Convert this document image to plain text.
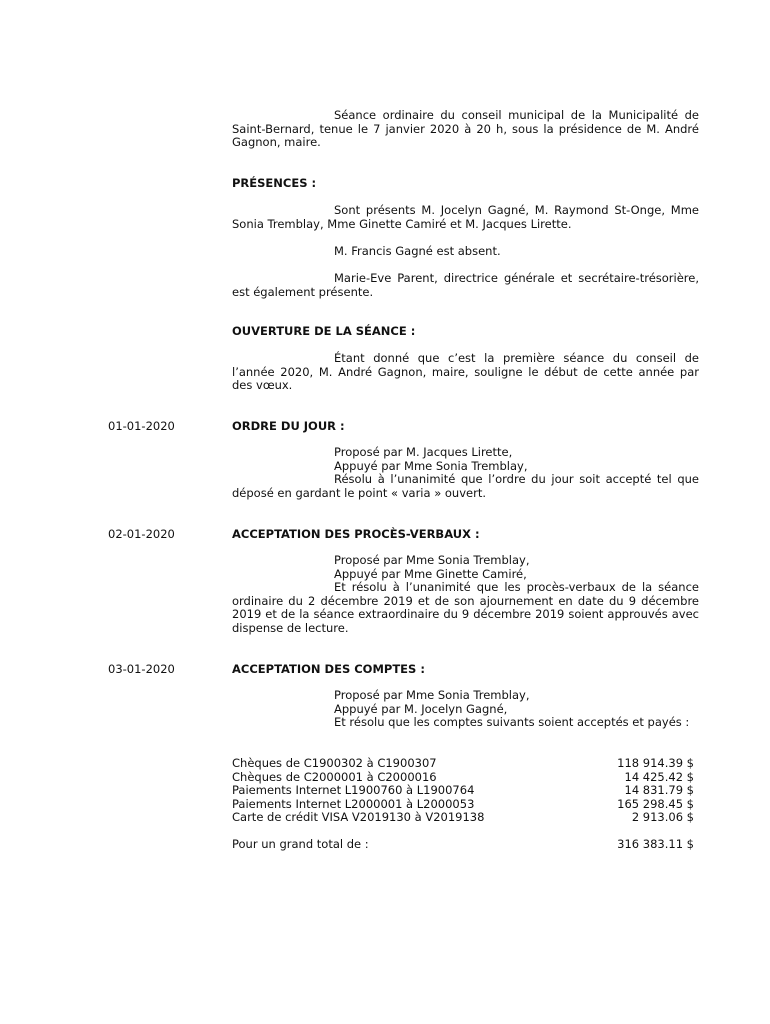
Séance ordinaire du conseil municipal de la Municipalité de Saint-Bernard, tenue le 7 janvier 2020 à 20 h, sous la présidence de M. André Gagnon, maire.
PRÉSENCES :
Sont présents M. Jocelyn Gagné, M. Raymond St-Onge, Mme Sonia Tremblay, Mme Ginette Camiré et M. Jacques Lirette.
M. Francis Gagné est absent.
Marie-Eve Parent, directrice générale et secrétaire-trésorière, est également présente.
OUVERTURE DE LA SÉANCE :
Étant donné que c’est la première séance du conseil de l’année 2020, M. André Gagnon, maire, souligne le début de cette année par des vœux.
01-01-2020	ORDRE DU JOUR :
Proposé par M. Jacques Lirette,
Appuyé par Mme Sonia Tremblay,
Résolu à l’unanimité que l’ordre du jour soit accepté tel que déposé en gardant le point « varia » ouvert.
02-01-2020	ACCEPTATION DES PROCÈS-VERBAUX :
Proposé par Mme Sonia Tremblay,
Appuyé par Mme Ginette Camiré,
Et résolu à l’unanimité que les procès-verbaux de la séance ordinaire du 2 décembre 2019 et de son ajournement en date du 9 décembre 2019 et de la séance extraordinaire du 9 décembre 2019 soient approuvés avec dispense de lecture.
03-01-2020	ACCEPTATION DES COMPTES :
Proposé par Mme Sonia Tremblay,
Appuyé par M. Jocelyn Gagné,
Et résolu que les comptes suivants soient acceptés et payés :
Chèques de C1900302 à C1900307	118 914.39 $
Chèques de C2000001 à C2000016	14 425.42 $
Paiements Internet L1900760 à L1900764	14 831.79 $
Paiements Internet L2000001 à L2000053	165 298.45 $
Carte de crédit VISA V2019130 à V2019138	2 913.06 $
Pour un grand total de :	316 383.11 $
